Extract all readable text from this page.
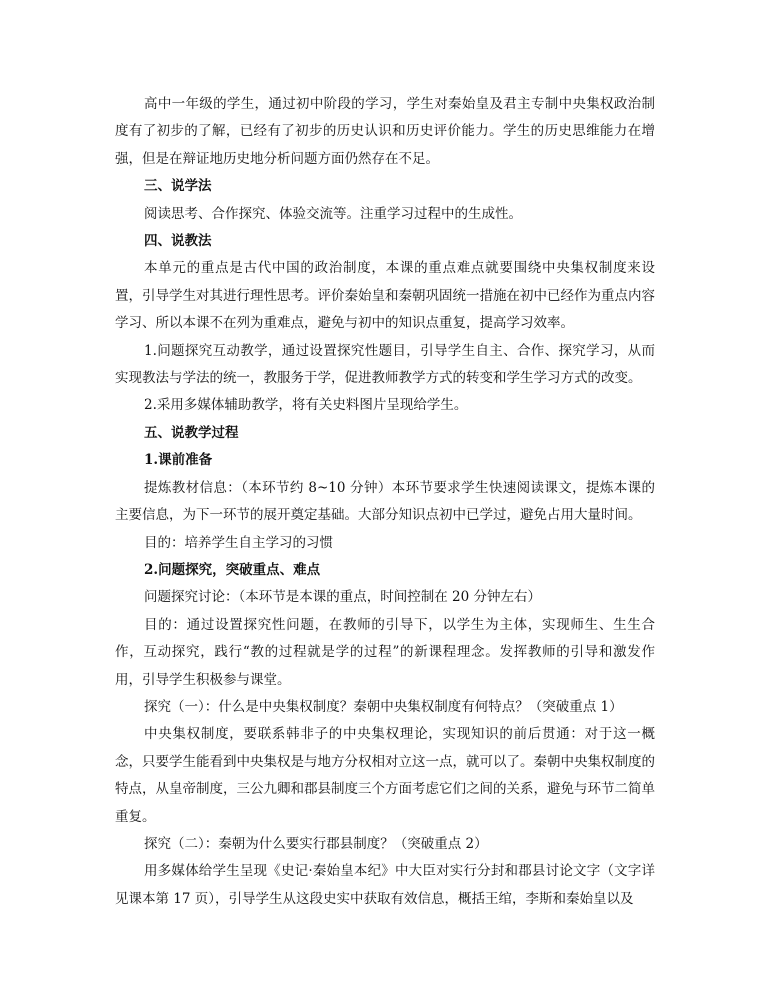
高中一年级的学生，通过初中阶段的学习，学生对秦始皇及君主专制中央集权政治制度有了初步的了解，已经有了初步的历史认识和历史评价能力。学生的历史思维能力在增强，但是在辩证地历史地分析问题方面仍然存在不足。

三、说学法

阅读思考、合作探究、体验交流等。注重学习过程中的生成性。

四、说教法

本单元的重点是古代中国的政治制度，本课的重点难点就要围绕中央集权制度来设置，引导学生对其进行理性思考。评价秦始皇和秦朝巩固统一措施在初中已经作为重点内容学习、所以本课不在列为重难点，避免与初中的知识点重复，提高学习效率。

1.问题探究互动教学，通过设置探究性题目，引导学生自主、合作、探究学习，从而实现教法与学法的统一，教服务于学，促进教师教学方式的转变和学生学习方式的改变。

2.采用多媒体辅助教学，将有关史料图片呈现给学生。

五、说教学过程

1.课前准备

提炼教材信息：（本环节约 8~10 分钟）本环节要求学生快速阅读课文，提炼本课的主要信息，为下一环节的展开奠定基础。大部分知识点初中已学过，避免占用大量时间。

目的：培养学生自主学习的习惯

2.问题探究，突破重点、难点

问题探究讨论：（本环节是本课的重点，时间控制在 20 分钟左右）

目的：通过设置探究性问题，在教师的引导下，以学生为主体，实现师生、生生合作，互动探究，践行“教的过程就是学的过程”的新课程理念。发挥教师的引导和激发作用，引导学生积极参与课堂。

探究（一）：什么是中央集权制度？秦朝中央集权制度有何特点？（突破重点 1）

中央集权制度，要联系韩非子的中央集权理论，实现知识的前后贯通：对于这一概念，只要学生能看到中央集权是与地方分权相对立这一点，就可以了。秦朝中央集权制度的特点，从皇帝制度，三公九卿和郡县制度三个方面考虑它们之间的关系，避免与环节二简单重复。

探究（二）：秦朝为什么要实行郡县制度？（突破重点 2）

用多媒体给学生呈现《史记·秦始皇本纪》中大臣对实行分封和郡县讨论文字（文字详见课本第 17 页），引导学生从这段史实中获取有效信息，概括王绾，李斯和秦始皇以及
